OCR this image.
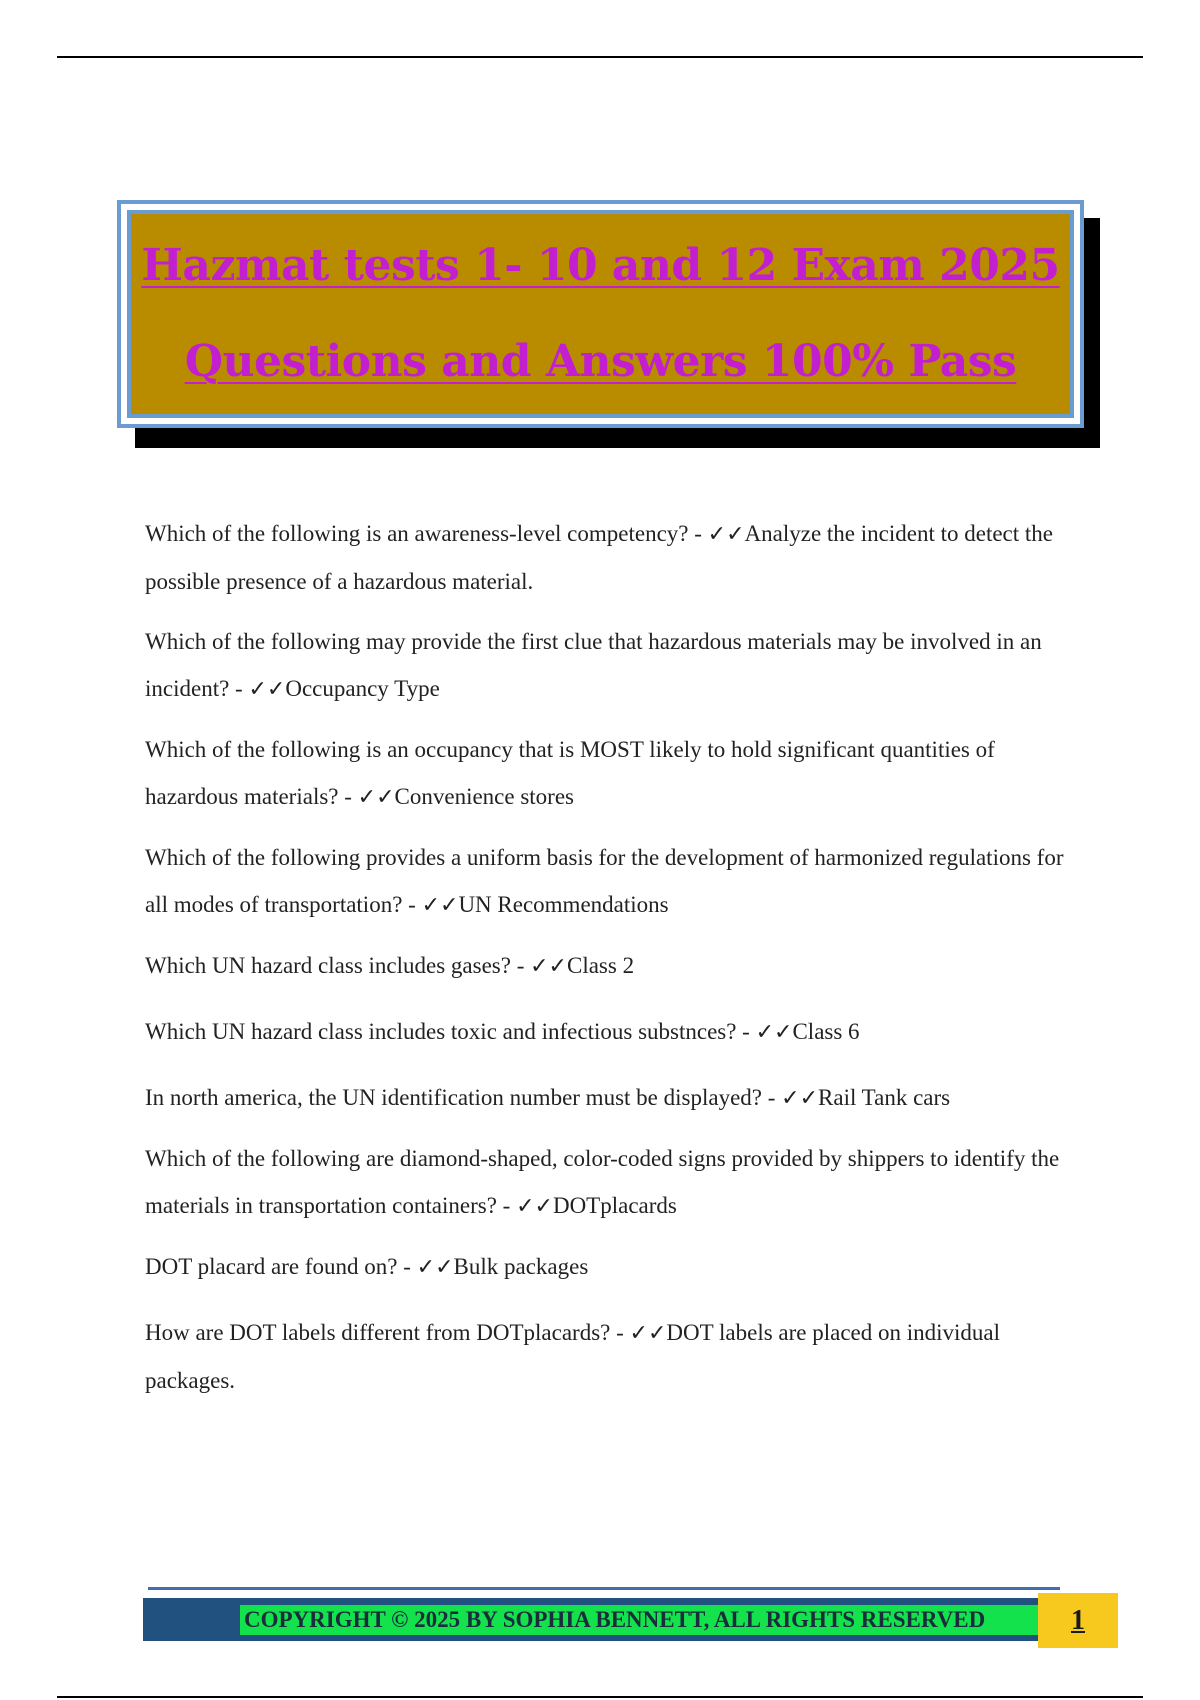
Hazmat tests 1- 10 and 12 Exam 2025
Questions and Answers 100% Pass

Which of the following is an awareness-level competency? - ✓✓Analyze the incident to detect the possible presence of a hazardous material.

Which of the following may provide the first clue that hazardous materials may be involved in an incident? - ✓✓Occupancy Type

Which of the following is an occupancy that is MOST likely to hold significant quantities of hazardous materials? - ✓✓Convenience stores

Which of the following provides a uniform basis for the development of harmonized regulations for all modes of transportation? - ✓✓UN Recommendations

Which UN hazard class includes gases? - ✓✓Class 2

Which UN hazard class includes toxic and infectious substnces? - ✓✓Class 6

In north america, the UN identification number must be displayed? - ✓✓Rail Tank cars

Which of the following are diamond-shaped, color-coded signs provided by shippers to identify the materials in transportation containers? - ✓✓DOTplacards

DOT placard are found on? - ✓✓Bulk packages

How are DOT labels different from DOTplacards? - ✓✓DOT labels are placed on individual packages.

COPYRIGHT © 2025 BY SOPHIA BENNETT, ALL RIGHTS RESERVED	1
